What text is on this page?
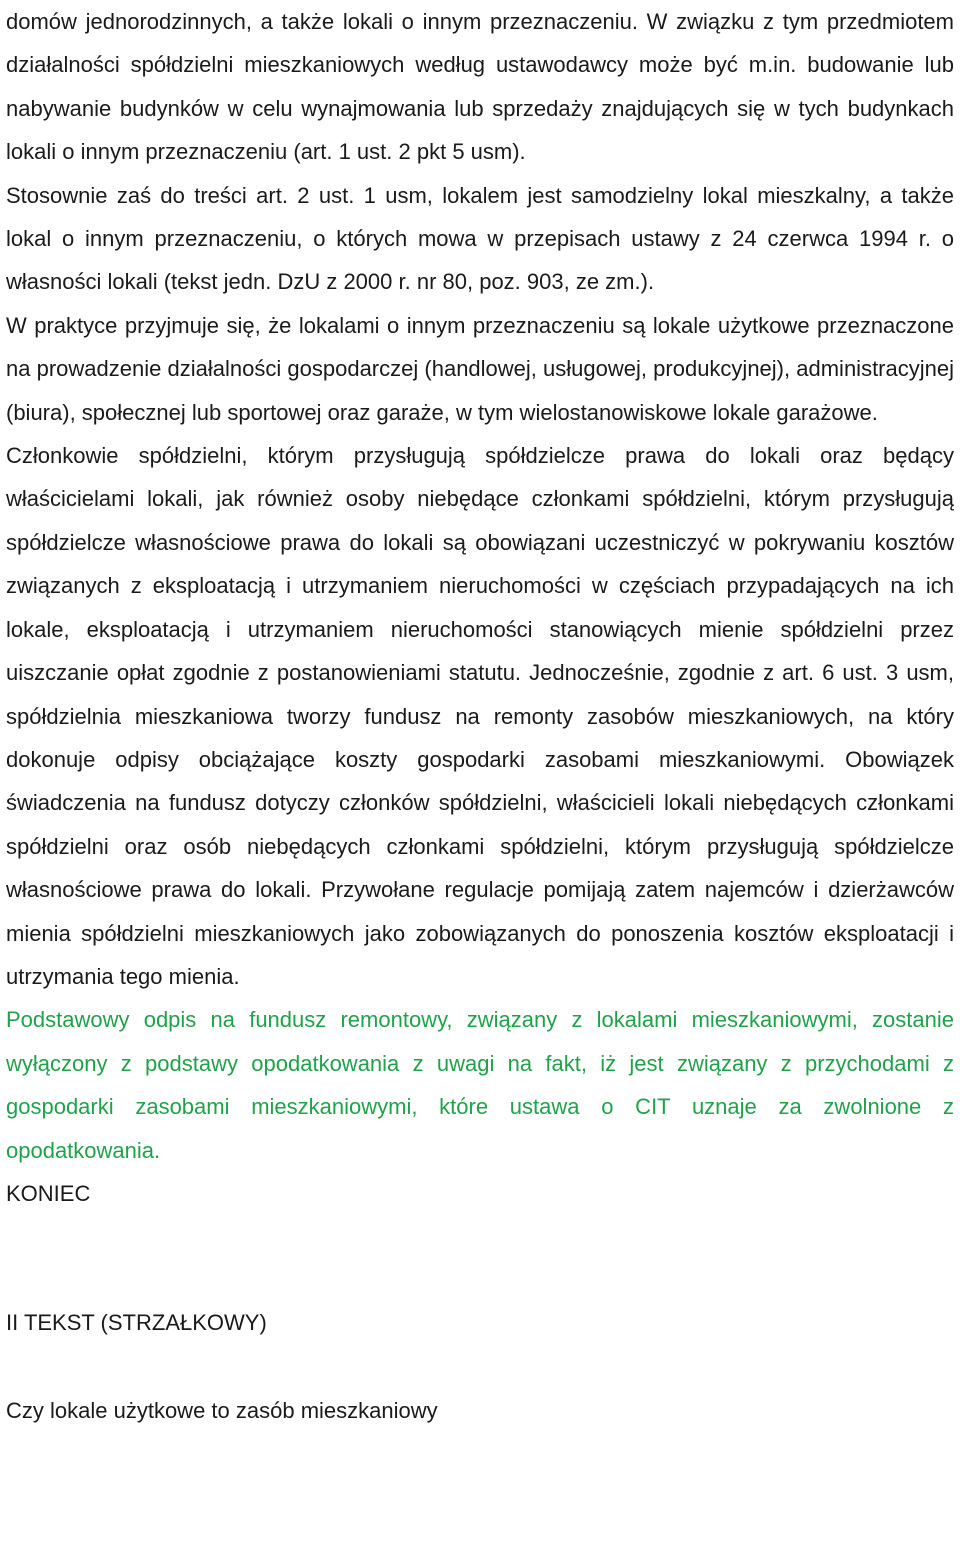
domów jednorodzinnych, a także lokali o innym przeznaczeniu. W związku z tym przedmiotem działalności spółdzielni mieszkaniowych według ustawodawcy może być m.in. budowanie lub nabywanie budynków w celu wynajmowania lub sprzedaży znajdujących się w tych budynkach lokali o innym przeznaczeniu (art. 1 ust. 2 pkt 5 usm).

Stosownie zaś do treści art. 2 ust. 1 usm, lokalem jest samodzielny lokal mieszkalny, a także lokal o innym przeznaczeniu, o których mowa w przepisach ustawy z 24 czerwca 1994 r. o własności lokali (tekst jedn. DzU z 2000 r. nr 80, poz. 903, ze zm.).

W praktyce przyjmuje się, że lokalami o innym przeznaczeniu są lokale użytkowe przeznaczone na prowadzenie działalności gospodarczej (handlowej, usługowej, produkcyjnej), administracyjnej (biura), społecznej lub sportowej oraz garaże, w tym wielostanowiskowe lokale garażowe.

Członkowie spółdzielni, którym przysługują spółdzielcze prawa do lokali oraz będący właścicielami lokali, jak również osoby niebędące członkami spółdzielni, którym przysługują spółdzielcze własnościowe prawa do lokali są obowiązani uczestniczyć w pokrywaniu kosztów związanych z eksploatacją i utrzymaniem nieruchomości w częściach przypadających na ich lokale, eksploatacją i utrzymaniem nieruchomości stanowiących mienie spółdzielni przez uiszczanie opłat zgodnie z postanowieniami statutu. Jednocześnie, zgodnie z art. 6 ust. 3 usm, spółdzielnia mieszkaniowa tworzy fundusz na remonty zasobów mieszkaniowych, na który dokonuje odpisy obciążające koszty gospodarki zasobami mieszkaniowymi. Obowiązek świadczenia na fundusz dotyczy członków spółdzielni, właścicieli lokali niebędących członkami spółdzielni oraz osób niebędących członkami spółdzielni, którym przysługują spółdzielcze własnościowe prawa do lokali. Przywołane regulacje pomijają zatem najemców i dzierżawców mienia spółdzielni mieszkaniowych jako zobowiązanych do ponoszenia kosztów eksploatacji i utrzymania tego mienia.

Podstawowy odpis na fundusz remontowy, związany z lokalami mieszkaniowymi, zostanie wyłączony z podstawy opodatkowania z uwagi na fakt, iż jest związany z przychodami z gospodarki zasobami mieszkaniowymi, które ustawa o CIT uznaje za zwolnione z opodatkowania.

KONIEC

II TEKST (STRZAŁKOWY)

Czy lokale użytkowe to zasób mieszkaniowy
